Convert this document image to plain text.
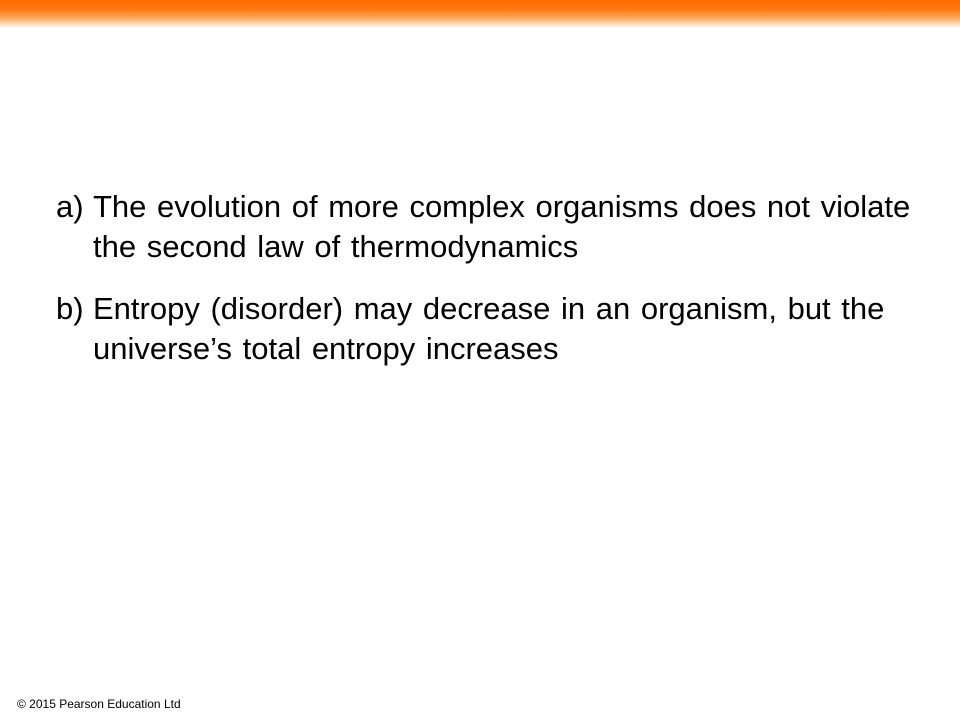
a) The evolution of more complex organisms does not violate the second law of thermodynamics
b) Entropy (disorder) may decrease in an organism, but the universe’s total entropy increases
© 2015 Pearson Education Ltd
